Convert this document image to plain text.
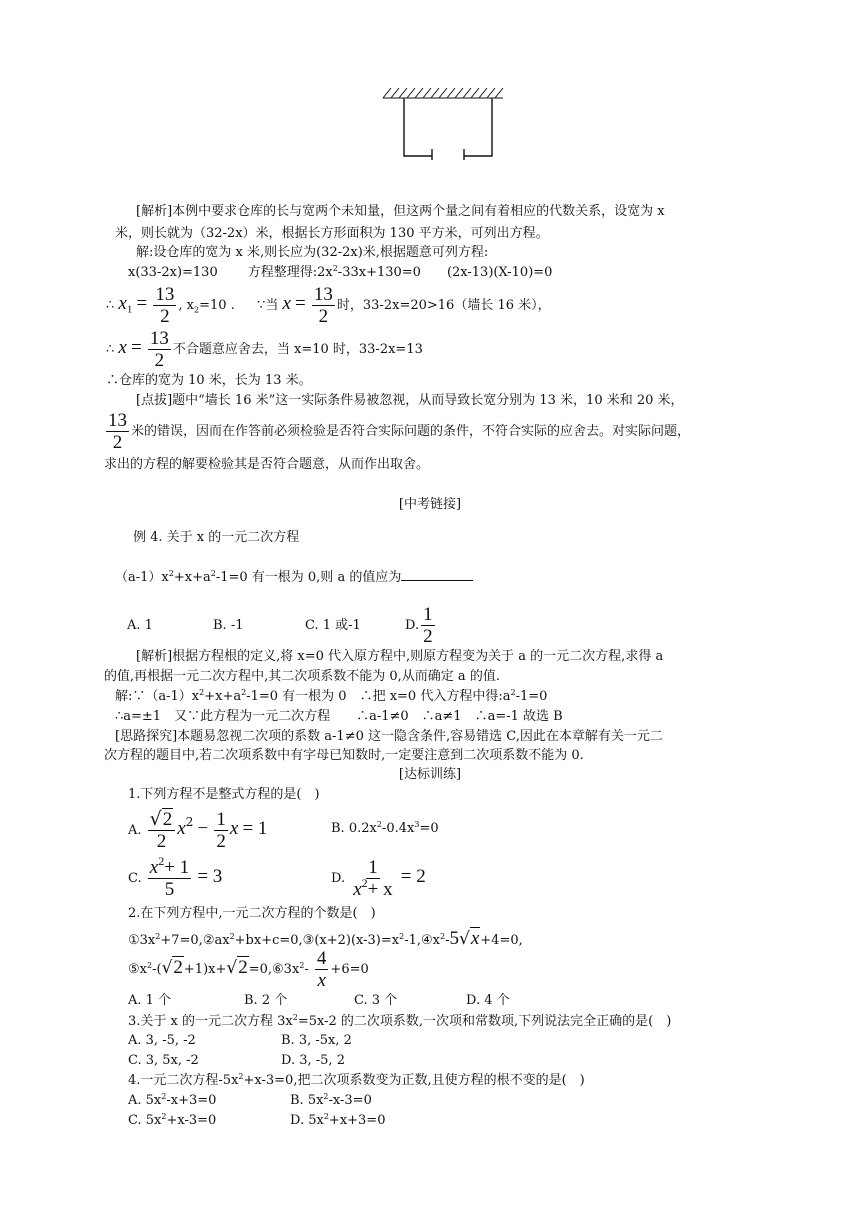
[解析]本例中要求仓库的长与宽两个未知量，但这两个量之间有着相应的代数关系，设宽为 x
米，则长就为（32-2x）米，根据长方形面积为 130 平方米，可列出方程。
解:设仓库的宽为 x 米,则长应为(32-2x)米,根据题意可列方程:
x(33-2x)=130 方程整理得$:2x^2-33x+130=0$ (2x-13)(X-10)=0
∴ $x_1 = \frac{13}{2}$ , $x_2=10$ . ∵当 $x = \frac{13}{2}$ 时，33-2x=20>16（墙长 16 米），
∴ $x = \frac{13}{2}$ 不合题意应舍去，当 x=10 时，33-2x=13
∴仓库的宽为 10 米，长为 13 米。
[点拔]题中“墙长 16 米”这一实际条件易被忽视，从而导致长宽分别为 13 米，10 米和 20 米，
$\frac{13}{2}$ 米的错误，因而在作答前必须检验是否符合实际问题的条件，不符合实际的应舍去。对实际问题，
求出的方程的解要检验其是否符合题意，从而作出取舍。
[中考链接]
例 4. 关于 x 的一元二次方程
$(a-1)x^2+x+a^2-1=0$ 有一根为 0,则 a 的值应为
A. 1	B. -1	C. 1 或-1	D. $\frac{1}{2}$
[解析]根据方程根的定义,将 x=0 代入原方程中,则原方程变为关于 a 的一元二次方程,求得 a
的值,再根据一元二次方程中,其二次项系数不能为 0,从而确定 a 的值.
解$:\because(a-1)x^2+x+a^2-1=0$ 有一根为 0　∴把 x=0 代入方程中得$:a^2-1=0$
∴a=±1　又∵此方程为一元二次方程　　∴a-1≠0　∴a≠1　∴a=-1 故选 B
[思路探究]本题易忽视二次项的系数 a-1≠0 这一隐含条件,容易错选 C,因此在本章解有关一元二
次方程的题目中,若二次项系数中有字母已知数时,一定要注意到二次项系数不能为 0.
[达标训练]
1.下列方程不是整式方程的是(　)
A. $\frac{√2}{2} x^2 - \frac{1}{2}$ x = 1	B. $0.2x^2-0.4x^3=0$
C. $\frac{x^2+ 1}{5} = 3$	D. $\frac{1}{x^2+ x} = 2$
2.在下列方程中,一元二次方程的个数是(　)
$①3x^2+7=0,②ax^2+bx+c=0,③(x+2)(x-3)=x^2-1,④x^2-5√x+4=0$,
$⑤x^2-(√2+1)x+√2=0,⑥3x^2- \frac{4}{x} +6=0$
A. 1 个	B. 2 个	C. 3 个	D. 4 个
3.关于 x 的一元二次方程 $3x^2=5x-2$ 的二次项系数,一次项和常数项,下列说法完全正确的是(　)
A. 3, -5, -2	B. 3, -5x, 2
C. 3, 5x, -2	D. 3, -5, 2
4.一元二次方程$-5x^2+x-3=0$,把二次项系数变为正数,且使方程的根不变的是(　)
A. $5x^2-x+3=0$	B. $5x^2-x-3=0$
C. $5x^2+x-3=0$	D. $5x^2+x+3=0$
